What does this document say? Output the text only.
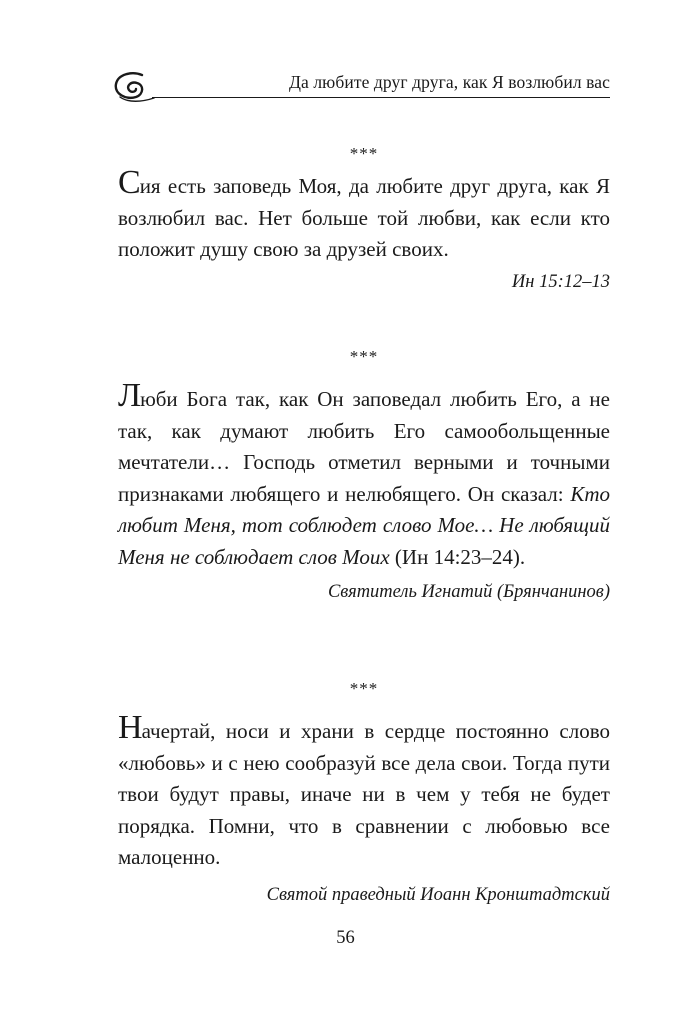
Да любите друг друга, как Я возлюбил вас
***

Сия есть заповедь Моя, да любите друг друга, как Я возлюбил вас. Нет больше той любви, как если кто положит душу свою за друзей своих.

Ин 15:12–13

***

Люби Бога так, как Он заповедал любить Его, а не так, как думают любить Его самообольщенные мечтатели… Господь отметил верными и точными признаками любящего и нелюбящего. Он сказал: Кто любит Меня, тот соблюдет слово Мое… Не любящий Меня не соблюдает слов Моих (Ин 14:23–24).

Святитель Игнатий (Брянчанинов)

***

Начертай, носи и храни в сердце постоянно слово «любовь» и с нею сообразуй все дела свои. Тогда пути твои будут правы, иначе ни в чем у тебя не будет порядка. Помни, что в сравнении с любовью все малоценно.

Святой праведный Иоанн Кронштадтский

56
